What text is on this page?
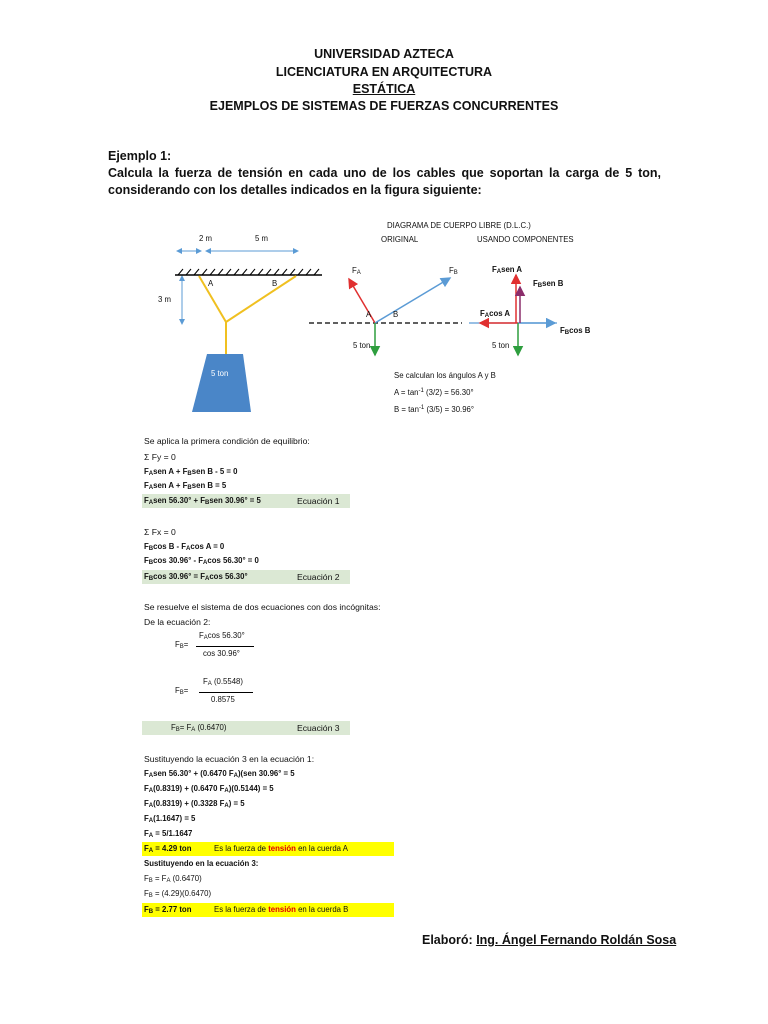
UNIVERSIDAD AZTECA
LICENCIATURA EN ARQUITECTURA
ESTÁTICA
EJEMPLOS DE SISTEMAS DE FUERZAS CONCURRENTES
Ejemplo 1:
Calcula la fuerza de tensión en cada uno de los cables que soportan la carga de 5 ton,
considerando con los detalles indicados en la figura siguiente:
DIAGRAMA DE CUERPO LIBRE (D.L.C.)
ORIGINAL	USANDO COMPONENTES
2 m	5 m
3 m
A	B
5 ton
$F_A$	$F_B$
A	B
5 ton
$F_Asen$ A
$F_Bsen$ B
$F_A\cos$ A
$F_B\cos$ B
5 ton
Se calculan los ángulos A y B
$A = \tan^{-1} (3/2) = 56.30^\circ$
$B = \tan^{-1} (3/5) = 30.96^\circ$
Se aplica la primera condición de equilibrio:
Σ Fy = 0
$F_Asen$ $A + F_Bsen$ B - 5 = 0
$F_Asen$ $A + F_Bsen$ B = 5
$F_Asen$ $56.30^\circ + F_Bsen$ 30.96° = 5	Ecuación 1
Σ Fx = 0
$F_B\cos$ B - $F_A\cos$ A = 0
$F_B\cos$ $30.96^\circ - F_A\cos$ 56.30° = 0
$F_B\cos$ $30.96^\circ = F_A\cos$ 56.30°	Ecuación 2
Se resuelve el sistema de dos ecuaciones con dos incógnitas:
De la ecuación 2:
$F_B=$
$F_A\cos$ 56.30°
cos 30.96°
$F_B=$
$F_A$ (0.5548)
0.8575
$F_B= F_A$ (0.6470)	Ecuación 3
Sustituyendo la ecuación 3 en la ecuación 1:
$F_Asen$ 56.30° + (0.6470 $F_A)(sen$ 30.96° = 5
$F_A(0.8319) + (0.6470$ $F_A)(0.5144) = 5$
$F_A(0.8319) + (0.3328$ $F_A) = 5$
$F_A(1.1647) = 5$
$F_A = 5/1.1647$
$F_A = 4.29$ ton	Es la fuerza de tensión en la cuerda A
Sustituyendo en la ecuación 3:
$F_B = F_A$ (0.6470)
$F_B = (4.29)(0.6470)$
$F_B = 2.77$ ton	Es la fuerza de tensión en la cuerda B
Elaboró: Ing. Ángel Fernando Roldán Sosa
